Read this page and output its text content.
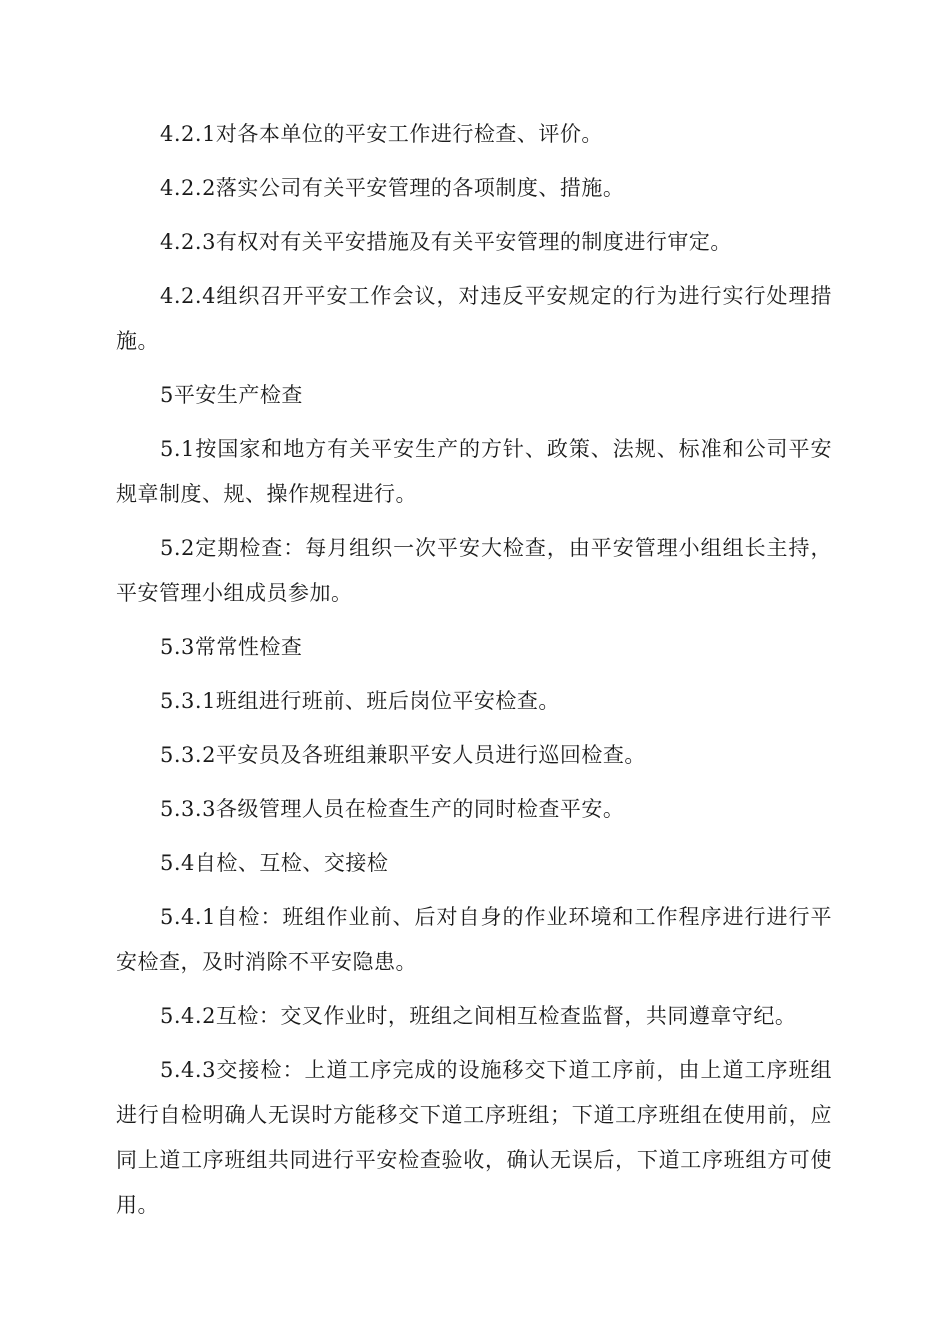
4.2.1对各本单位的平安工作进行检查、评价。

4.2.2落实公司有关平安管理的各项制度、措施。

4.2.3有权对有关平安措施及有关平安管理的制度进行审定。

4.2.4组织召开平安工作会议，对违反平安规定的行为进行实行处理措施。

5平安生产检查

5.1按国家和地方有关平安生产的方针、政策、法规、标准和公司平安规章制度、规、操作规程进行。

5.2定期检查：每月组织一次平安大检查，由平安管理小组组长主持，平安管理小组成员参加。

5.3常常性检查

5.3.1班组进行班前、班后岗位平安检查。

5.3.2平安员及各班组兼职平安人员进行巡回检查。

5.3.3各级管理人员在检查生产的同时检查平安。

5.4自检、互检、交接检

5.4.1自检：班组作业前、后对自身的作业环境和工作程序进行进行平安检查，及时消除不平安隐患。

5.4.2互检：交叉作业时，班组之间相互检查监督，共同遵章守纪。

5.4.3交接检：上道工序完成的设施移交下道工序前，由上道工序班组进行自检明确人无误时方能移交下道工序班组；下道工序班组在使用前，应同上道工序班组共同进行平安检查验收，确认无误后，下道工序班组方可使用。
